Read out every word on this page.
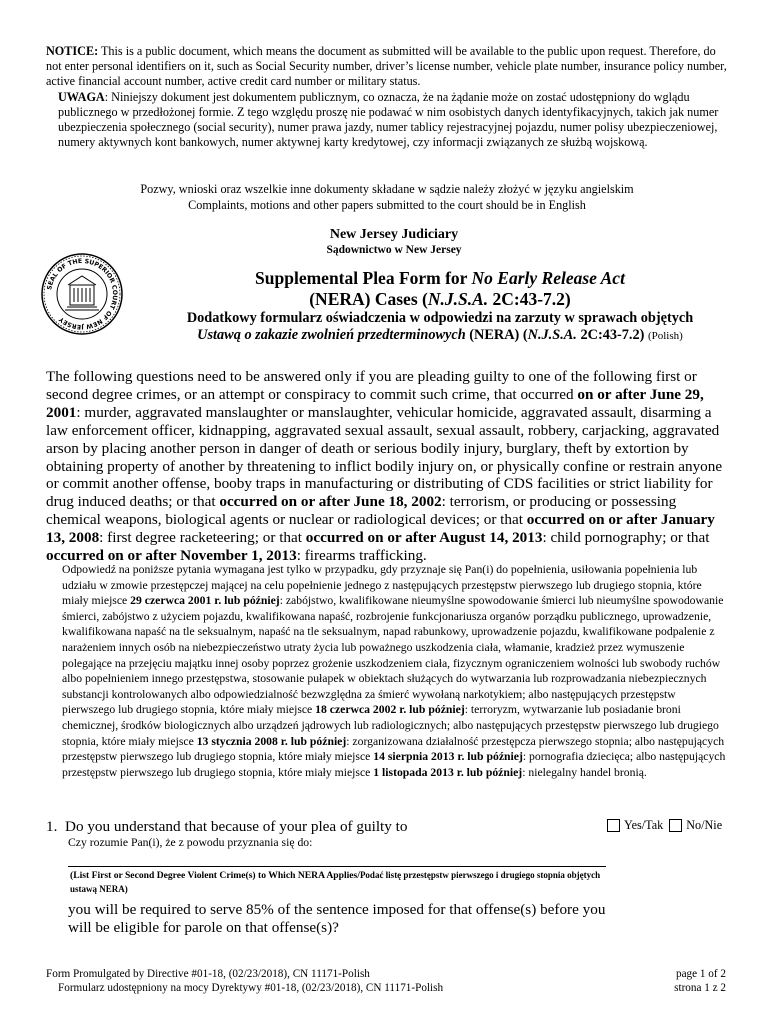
NOTICE: This is a public document, which means the document as submitted will be available to the public upon request. Therefore, do not enter personal identifiers on it, such as Social Security number, driver’s license number, vehicle plate number, insurance policy number, active financial account number, active credit card number or military status.
UWAGA: Niniejszy dokument jest dokumentem publicznym, co oznacza, że na żądanie może on zostać udostępniony do wglądu publicznego w przedłożonej formie. Z tego względu proszę nie podawać w nim osobistych danych identyfikacyjnych, takich jak numer ubezpieczenia społecznego (social security), numer prawa jazdy, numer tablicy rejestracyjnej pojazdu, numer polisy ubezpieczeniowej, numery aktywnych kont bankowych, numer aktywnej karty kredytowej, czy informacji związanych ze służbą wojskową.
Pozwy, wnioski oraz wszelkie inne dokumenty składane w sądzie należy złożyć w języku angielskim
Complaints, motions and other papers submitted to the court should be in English
New Jersey Judiciary
Sądownictwo w New Jersey
SEAL OF THE SUPERIOR COURT OF NEW JERSEY
Supplemental Plea Form for No Early Release Act
(NERA) Cases (N.J.S.A. 2C:43-7.2)
Dodatkowy formularz oświadczenia w odpowiedzi na zarzuty w sprawach objętych
Ustawą o zakazie zwolnień przedterminowych (NERA) (N.J.S.A. 2C:43-7.2) (Polish)
The following questions need to be answered only if you are pleading guilty to one of the following first or second degree crimes, or an attempt or conspiracy to commit such crime, that occurred on or after June 29, 2001: murder, aggravated manslaughter or manslaughter, vehicular homicide, aggravated assault, disarming a law enforcement officer, kidnapping, aggravated sexual assault, sexual assault, robbery, carjacking, aggravated arson by placing another person in danger of death or serious bodily injury, burglary, theft by extortion by obtaining property of another by threatening to inflict bodily injury on, or physically confine or restrain anyone or commit another offense, booby traps in manufacturing or distributing of CDS facilities or strict liability for drug induced deaths; or that occurred on or after June 18, 2002: terrorism, or producing or possessing chemical weapons, biological agents or nuclear or radiological devices; or that occurred on or after January 13, 2008: first degree racketeering; or that occurred on or after August 14, 2013: child pornography; or that occurred on or after November 1, 2013: firearms trafficking.
Odpowiedź na poniższe pytania wymagana jest tylko w przypadku, gdy przyznaje się Pan(i) do popełnienia, usiłowania popełnienia lub udziału w zmowie przestępczej mającej na celu popełnienie jednego z następujących przestępstw pierwszego lub drugiego stopnia, które miały miejsce 29 czerwca 2001 r. lub później: zabójstwo, kwalifikowane nieumyślne spowodowanie śmierci lub nieumyślne spowodowanie śmierci, zabójstwo z użyciem pojazdu, kwalifikowana napaść, rozbrojenie funkcjonariusza organów porządku publicznego, uprowadzenie, kwalifikowana napaść na tle seksualnym, napaść na tle seksualnym, napad rabunkowy, uprowadzenie pojazdu, kwalifikowane podpalenie z narażeniem innych osób na niebezpieczeństwo utraty życia lub poważnego uszkodzenia ciała, włamanie, kradzież przez wymuszenie polegające na przejęciu majątku innej osoby poprzez grożenie uszkodzeniem ciała, fizycznym ograniczeniem wolności lub swobody ruchów albo popełnieniem innego przestępstwa, stosowanie pułapek w obiektach służących do wytwarzania lub rozprowadzania niebezpiecznych substancji kontrolowanych albo odpowiedzialność bezwzględna za śmierć wywołaną narkotykiem; albo następujących przestępstw pierwszego lub drugiego stopnia, które miały miejsce 18 czerwca 2002 r. lub później: terroryzm, wytwarzanie lub posiadanie broni chemicznej, środków biologicznych albo urządzeń jądrowych lub radiologicznych; albo następujących przestępstw pierwszego lub drugiego stopnia, które miały miejsce 13 stycznia 2008 r. lub później: zorganizowana działalność przestępcza pierwszego stopnia; albo następujących przestępstw pierwszego lub drugiego stopnia, które miały miejsce 14 sierpnia 2013 r. lub później: pornografia dziecięca; albo następujących przestępstw pierwszego lub drugiego stopnia, które miały miejsce 1 listopada 2013 r. lub później: nielegalny handel bronią.
1. Do you understand that because of your plea of guilty to
Czy rozumie Pan(i), że z powodu przyznania się do:
Yes/Tak No/Nie
(List First or Second Degree Violent Crime(s) to Which NERA Applies/Podać listę przestępstw pierwszego i drugiego stopnia objętych ustawą NERA)
you will be required to serve 85% of the sentence imposed for that offense(s) before you will be eligible for parole on that offense(s)?
Form Promulgated by Directive #01-18, (02/23/2018), CN 11171-Polish
Formularz udostępniony na mocy Dyrektywy #01-18, (02/23/2018), CN 11171-Polish
page 1 of 2
strona 1 z 2
